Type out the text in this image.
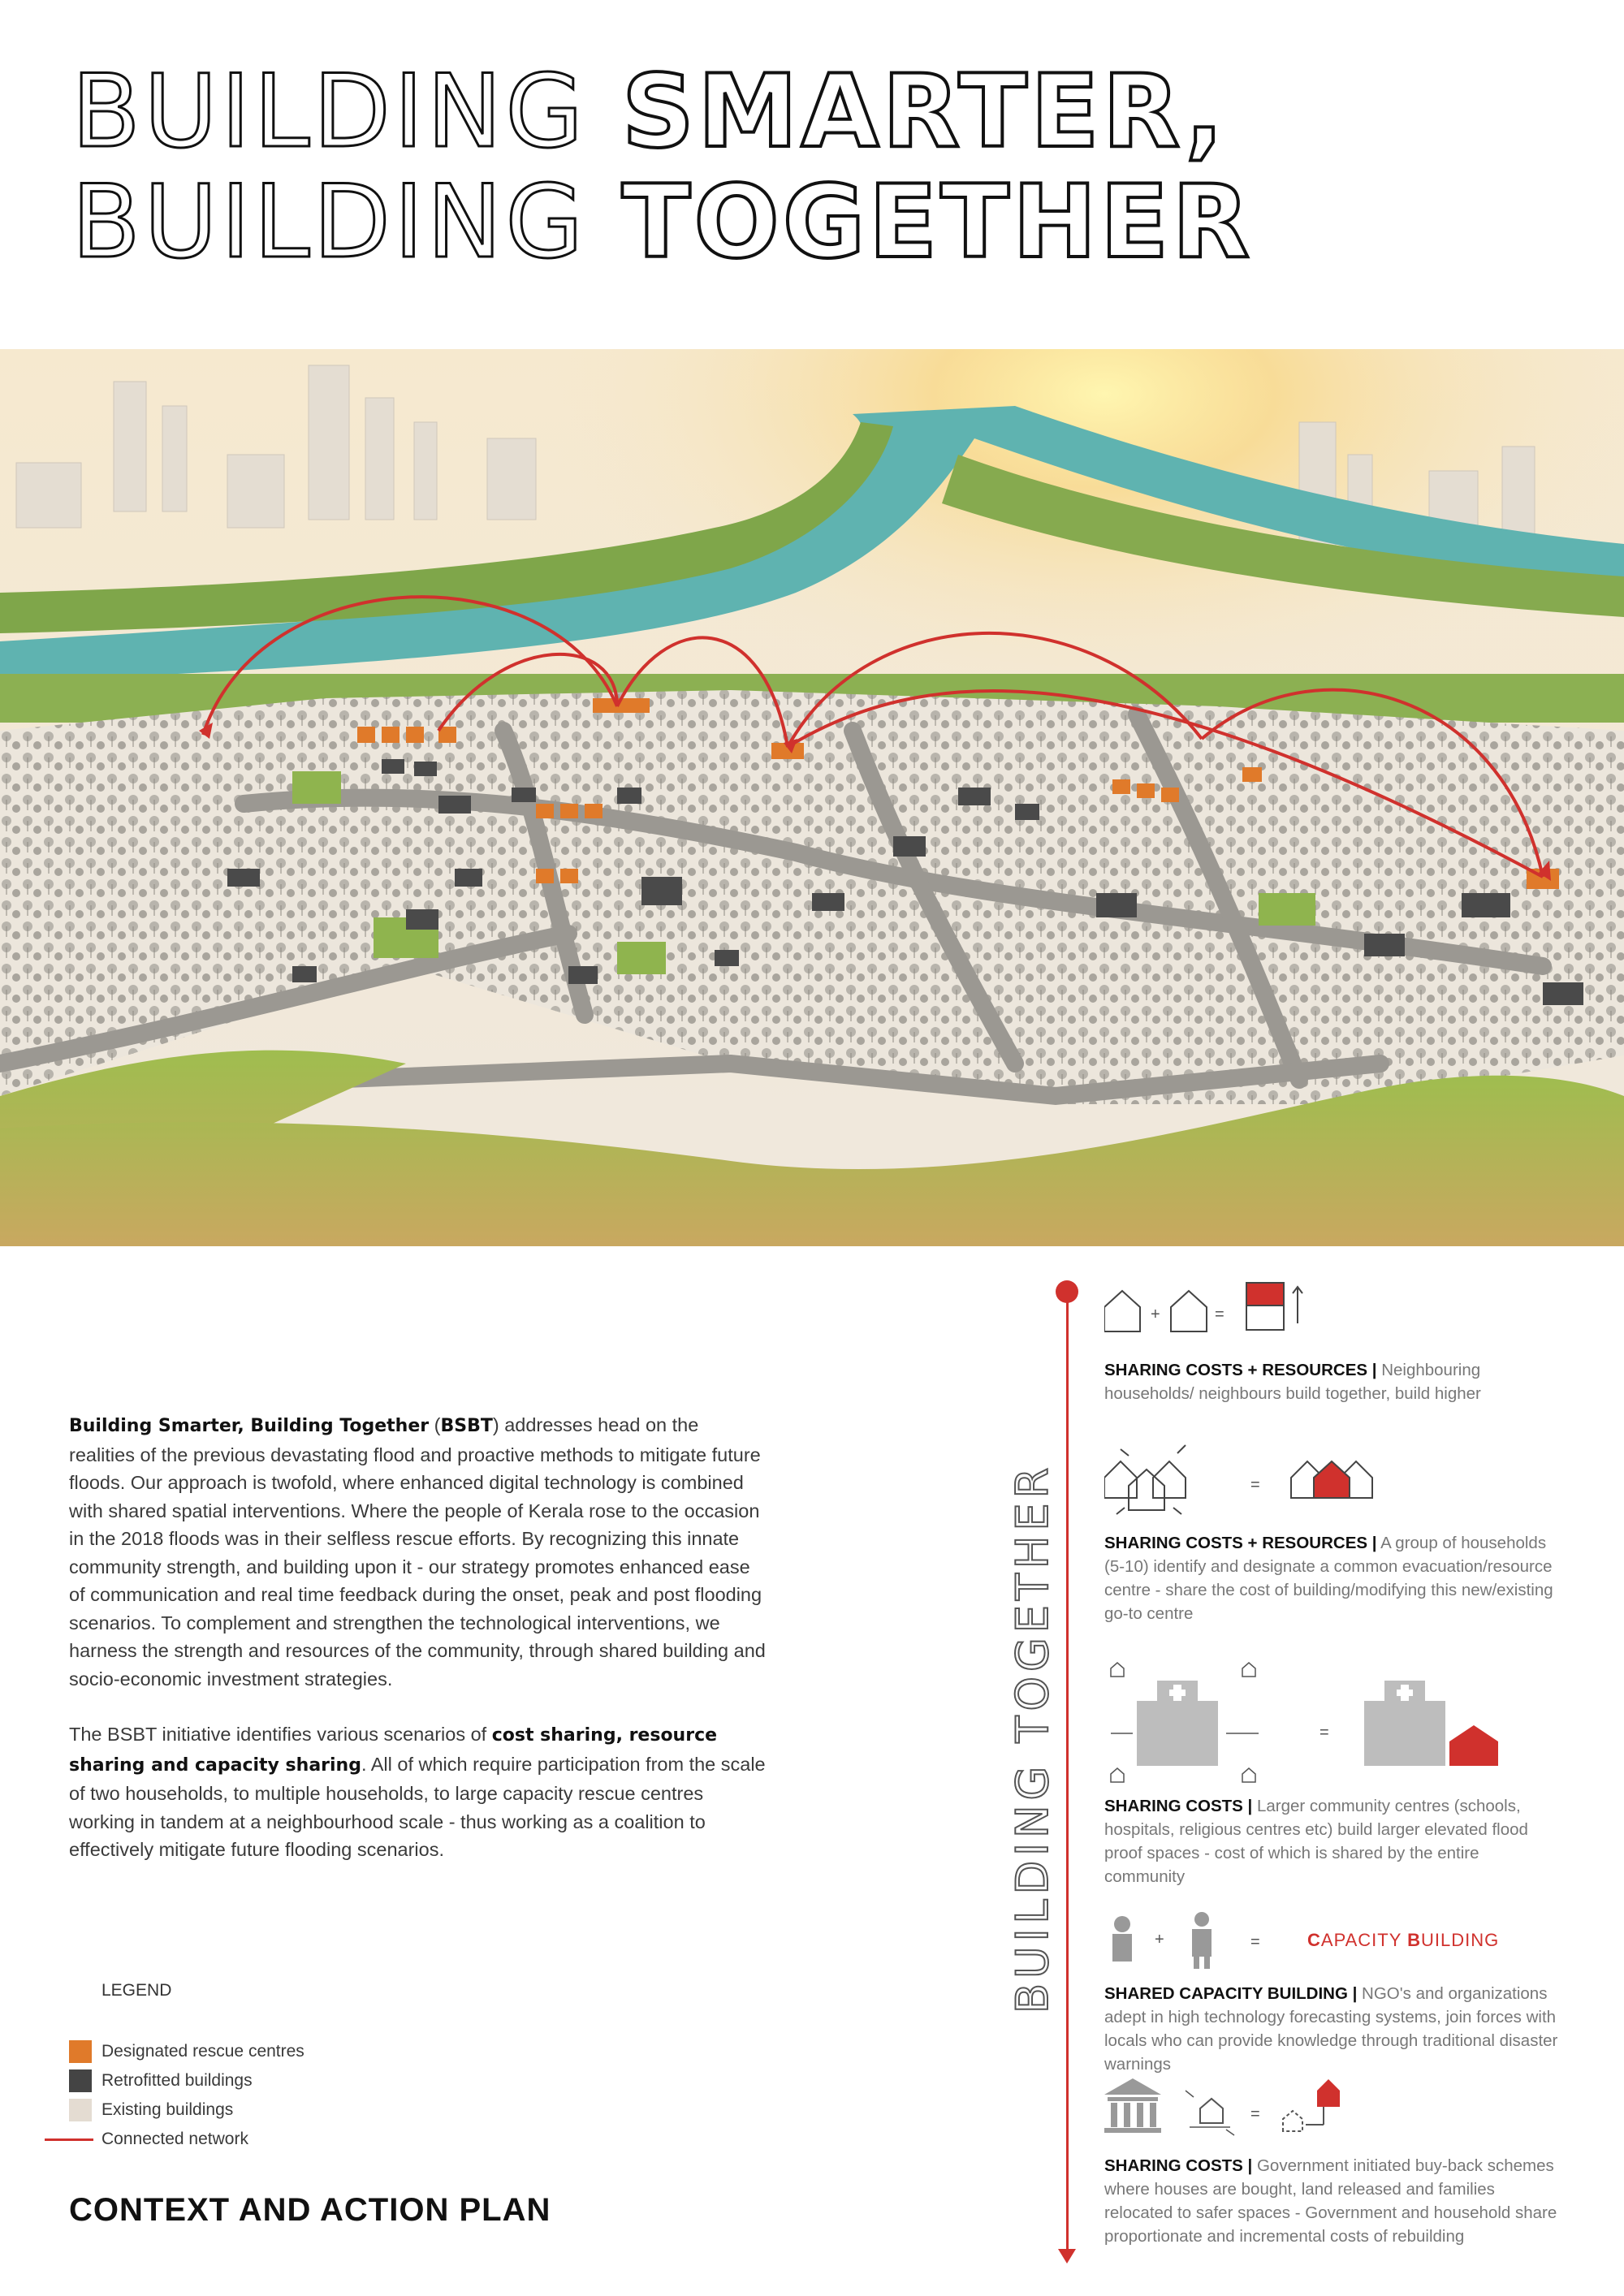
BUILDING SMARTER,
BUILDING TOGETHER

Building Smarter, Building Together (BSBT) addresses head on the realities of the previous devastating flood and proactive methods to mitigate future floods. Our approach is twofold, where enhanced digital technology is combined with shared spatial interventions. Where the people of Kerala rose to the occasion in the 2018 floods was in their selfless rescue efforts. By recognizing this innate community strength, and building upon it - our strategy promotes enhanced ease of communication and real time feedback during the onset, peak and post flooding scenarios. To complement and strengthen the technological interventions, we harness the strength and resources of the community, through shared building and socio-economic investment strategies.

The BSBT initiative identifies various scenarios of cost sharing, resource sharing and capacity sharing. All of which require participation from the scale of two households, to multiple households, to large capacity rescue centres working in tandem at a neighbourhood scale - thus working as a coalition to effectively mitigate future flooding scenarios.

LEGEND
Designated rescue centres
Retrofitted buildings
Existing buildings
Connected network
CONTEXT AND ACTION PLAN
BUILDING TOGETHER
+	=
SHARING COSTS + RESOURCES | Neighbouring households/ neighbours build together, build higher
=
SHARING COSTS + RESOURCES | A group of households (5-10) identify and designate a common evacuation/resource centre - share the cost of building/modifying this new/existing go-to centre
=
SHARING COSTS | Larger community centres (schools, hospitals, religious centres etc) build larger elevated flood proof spaces - cost of which is shared by the entire community
+	=	CAPACITY BUILDING
SHARED CAPACITY BUILDING | NGO's and organizations adept in high technology forecasting systems, join forces with locals who can provide knowledge through traditional disaster warnings
=
SHARING COSTS | Government initiated buy-back schemes where houses are bought, land released and families relocated to safer spaces - Government and household share proportionate and incremental costs of rebuilding
